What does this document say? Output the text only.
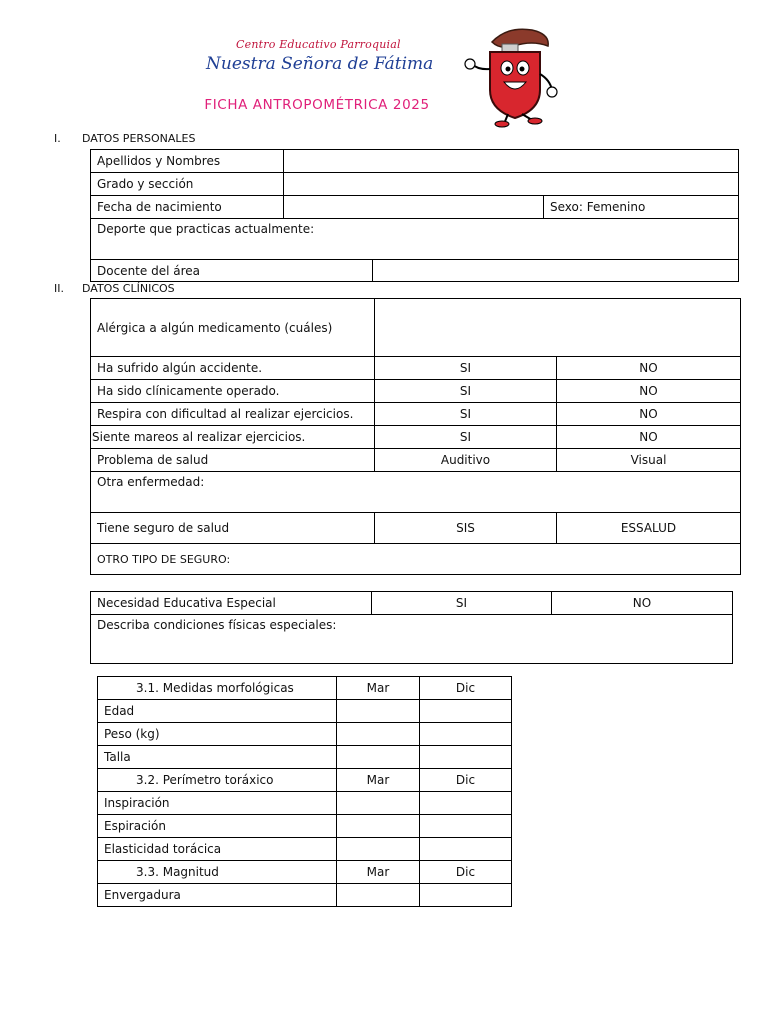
Centro Educativo Parroquial
Nuestra Señora de Fátima
FICHA ANTROPOMÉTRICA 2025
I. DATOS PERSONALES
Apellidos y Nombres		
Grado y sección		
Fecha de nacimiento		Sexo: Femenino
Deporte que practicas actualmente:		
Docente del área	
II. DATOS CLÍNICOS
Alérgica a algún medicamento (cuáles)		
Ha sufrido algún accidente.	SI	NO
Ha sido clínicamente operado.	SI	NO
Respira con dificultad al realizar ejercicios.	SI	NO
Siente mareos al realizar ejercicios.	SI	NO
Problema de salud	Auditivo	Visual
Otra enfermedad:		
Tiene seguro de salud	SIS	ESSALUD
OTRO TIPO DE SEGURO:		
Necesidad Educativa Especial	SI	NO
Describa condiciones físicas especiales:
3.1. Medidas morfológicas	Mar	Dic
Edad		
Peso (kg)		
Talla		
3.2. Perímetro toráxico	Mar	Dic
Inspiración		
Espiración		
Elasticidad torácica		
3.3. Magnitud	Mar	Dic
Envergadura		
